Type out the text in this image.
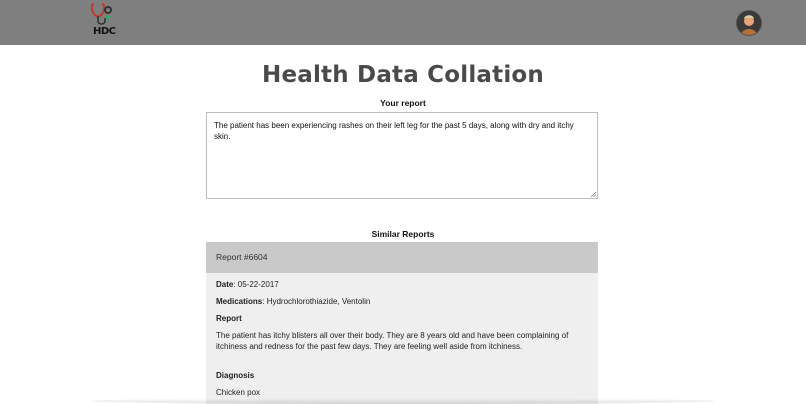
HDC
Health Data Collation
Your report
The patient has been experiencing rashes on their left leg for the past 5 days, along with dry and itchy skin.
Similar Reports
Report #6604
Date: 05-22-2017
Medications: Hydrochlorothiazide, Ventolin
Report
The patient has itchy blisters all over their body. They are 8 years old and have been complaining of itchiness and redness for the past few days. They are feeling well aside from itchiness.
Diagnosis
Chicken pox
